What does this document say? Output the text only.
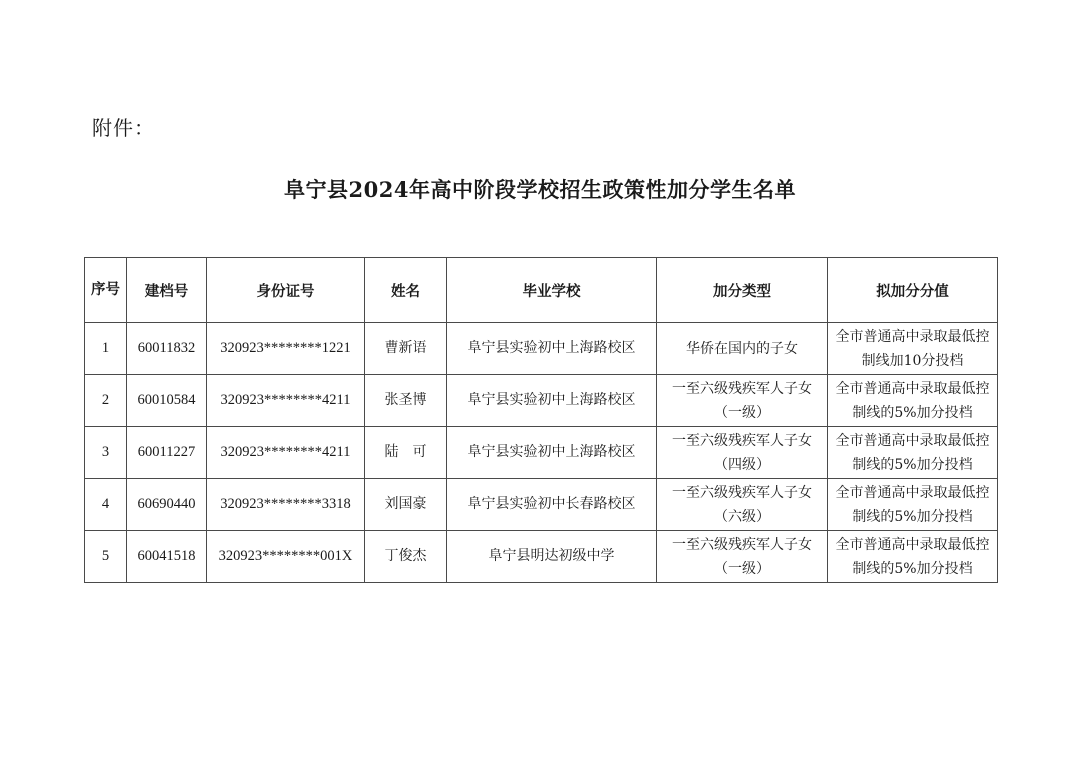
附件：
阜宁县2024年高中阶段学校招生政策性加分学生名单
序号	建档号	身份证号	姓名	毕业学校	加分类型	拟加分分值
1	60011832	320923********1221	曹新语	阜宁县实验初中上海路校区	华侨在国内的子女	全市普通高中录取最低控制线加10分投档
2	60010584	320923********4211	张圣博	阜宁县实验初中上海路校区	一至六级残疾军人子女（一级）	全市普通高中录取最低控制线的5%加分投档
3	60011227	320923********4211	陆　可	阜宁县实验初中上海路校区	一至六级残疾军人子女（四级）	全市普通高中录取最低控制线的5%加分投档
4	60690440	320923********3318	刘国豪	阜宁县实验初中长春路校区	一至六级残疾军人子女（六级）	全市普通高中录取最低控制线的5%加分投档
5	60041518	320923********001X	丁俊杰	阜宁县明达初级中学	一至六级残疾军人子女（一级）	全市普通高中录取最低控制线的5%加分投档
